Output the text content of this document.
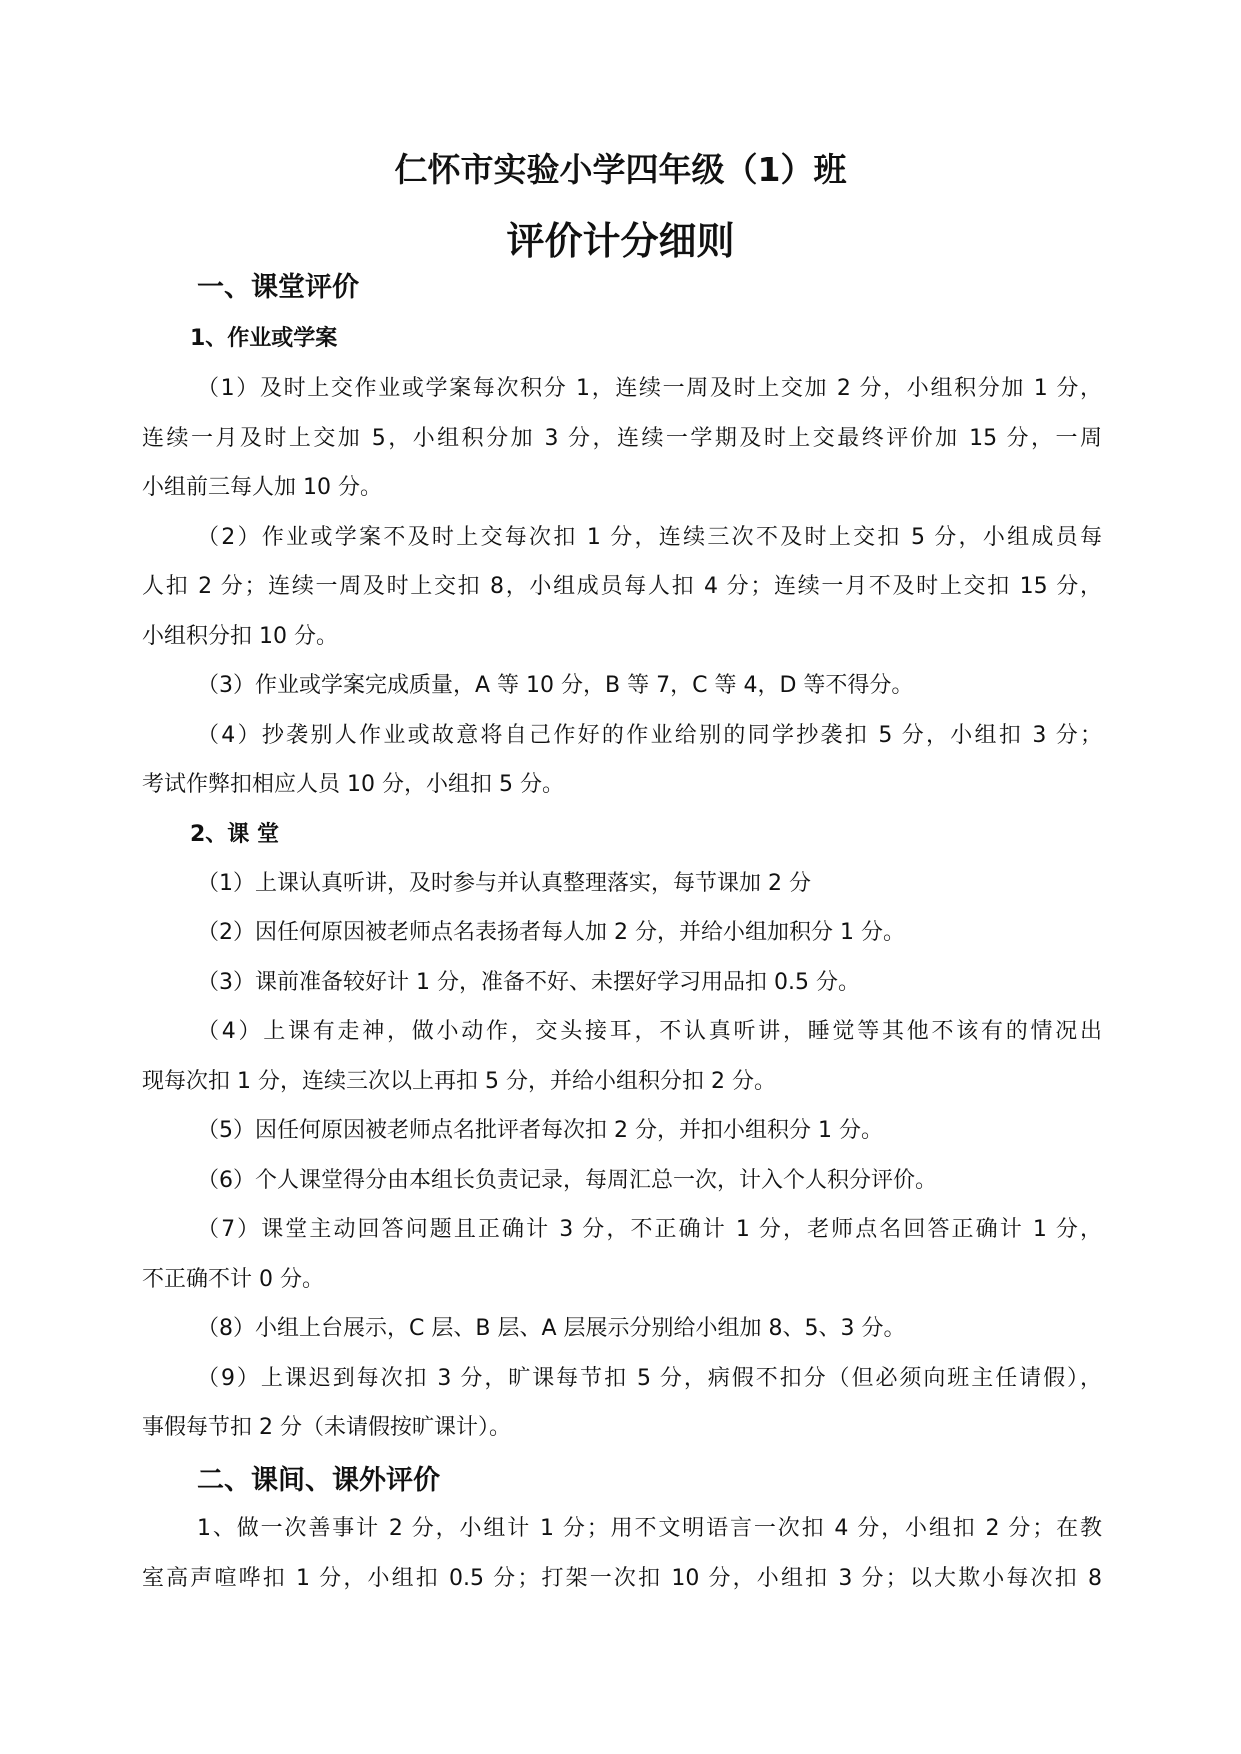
仁怀市实验小学四年级（1）班
评价计分细则
一、课堂评价
1、作业或学案
（1）及时上交作业或学案每次积分 1，连续一周及时上交加 2 分，小组积分加 1 分，
连续一月及时上交加 5，小组积分加 3 分，连续一学期及时上交最终评价加 15 分，一周
小组前三每人加 10 分。
（2）作业或学案不及时上交每次扣 1 分，连续三次不及时上交扣 5 分，小组成员每
人扣 2 分；连续一周及时上交扣 8，小组成员每人扣 4 分；连续一月不及时上交扣 15 分，
小组积分扣 10 分。
（3）作业或学案完成质量，A 等 10 分，B 等 7，C 等 4，D 等不得分。
（4）抄袭别人作业或故意将自己作好的作业给别的同学抄袭扣 5 分，小组扣 3 分；
考试作弊扣相应人员 10 分，小组扣 5 分。
2、课 堂
（1）上课认真听讲，及时参与并认真整理落实，每节课加 2 分
（2）因任何原因被老师点名表扬者每人加 2 分，并给小组加积分 1 分。
（3）课前准备较好计 1 分，准备不好、未摆好学习用品扣 0.5 分。
（4）上课有走神，做小动作，交头接耳，不认真听讲，睡觉等其他不该有的情况出
现每次扣 1 分，连续三次以上再扣 5 分，并给小组积分扣 2 分。
（5）因任何原因被老师点名批评者每次扣 2 分，并扣小组积分 1 分。
（6）个人课堂得分由本组长负责记录，每周汇总一次，计入个人积分评价。
（7）课堂主动回答问题且正确计 3 分，不正确计 1 分，老师点名回答正确计 1 分，
不正确不计 0 分。
（8）小组上台展示，C 层、B 层、A 层展示分别给小组加 8、5、3 分。
（9）上课迟到每次扣 3 分，旷课每节扣 5 分，病假不扣分（但必须向班主任请假），
事假每节扣 2 分（未请假按旷课计）。
二、课间、课外评价
1、做一次善事计 2 分，小组计 1 分；用不文明语言一次扣 4 分，小组扣 2 分；在教
室高声喧哗扣 1 分，小组扣 0.5 分；打架一次扣 10 分，小组扣 3 分；以大欺小每次扣 8
